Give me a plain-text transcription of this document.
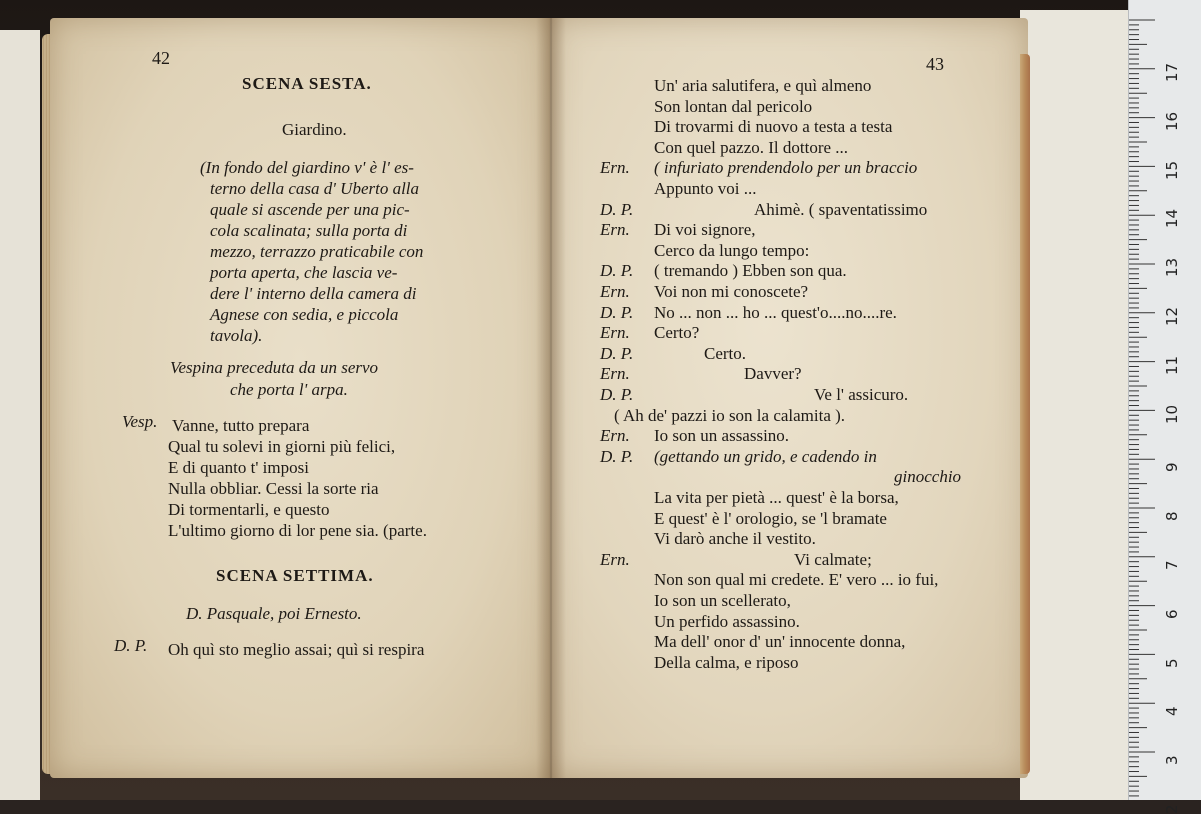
17
16
15
14
13
12
11
10
9
8
7
6
5
4
3
2
42
SCENA SESTA.
Giardino.
(In fondo del giardino v' è l' es-
terno della casa d' Uberto alla
quale si ascende per una pic-
cola scalinata; sulla porta di
mezzo, terrazzo praticabile con
porta aperta, che lascia ve-
dere l' interno della camera di
Agnese con sedia, e piccola
tavola).
Vespina preceduta da un servo
che porta l' arpa.
Vesp. Vanne, tutto prepara
Qual tu solevi in giorni più felici,
E di quanto t' imposi
Nulla obbliar. Cessi la sorte ria
Di tormentarli, e questo
L'ultimo giorno di lor pene sia. (parte.
SCENA SETTIMA.
D. Pasquale, poi Ernesto.
D. P. Oh quì sto meglio assai; quì si respira
43
Un' aria salutifera, e quì almeno
Son lontan dal pericolo
Di trovarmi di nuovo a testa a testa
Con quel pazzo. Il dottore ...
Ern. ( infuriato prendendolo per un braccio
Appunto voi ...
D. P.	Ahimè. ( spaventatissimo
Ern. Di voi signore,
Cerco da lungo tempo:
D. P. ( tremando ) Ebben son qua.
Ern. Voi non mi conoscete?
D. P. No ... non ... ho ... quest'o....no....re.
Ern. Certo?
D. P.	Certo.
Ern.	Davver?
D. P.	Ve l' assicuro.
( Ah de' pazzi io son la calamita ).
Ern. Io son un assassino.
D. P. (gettando un grido, e cadendo in
ginocchio
La vita per pietà ... quest' è la borsa,
E quest' è l' orologio, se 'l bramate
Vi darò anche il vestito.
Ern.	Vi calmate;
Non son qual mi credete. E' vero ... io fui,
Io son un scellerato,
Un perfido assassino.
Ma dell' onor d' un' innocente donna,
Della calma, e riposo
